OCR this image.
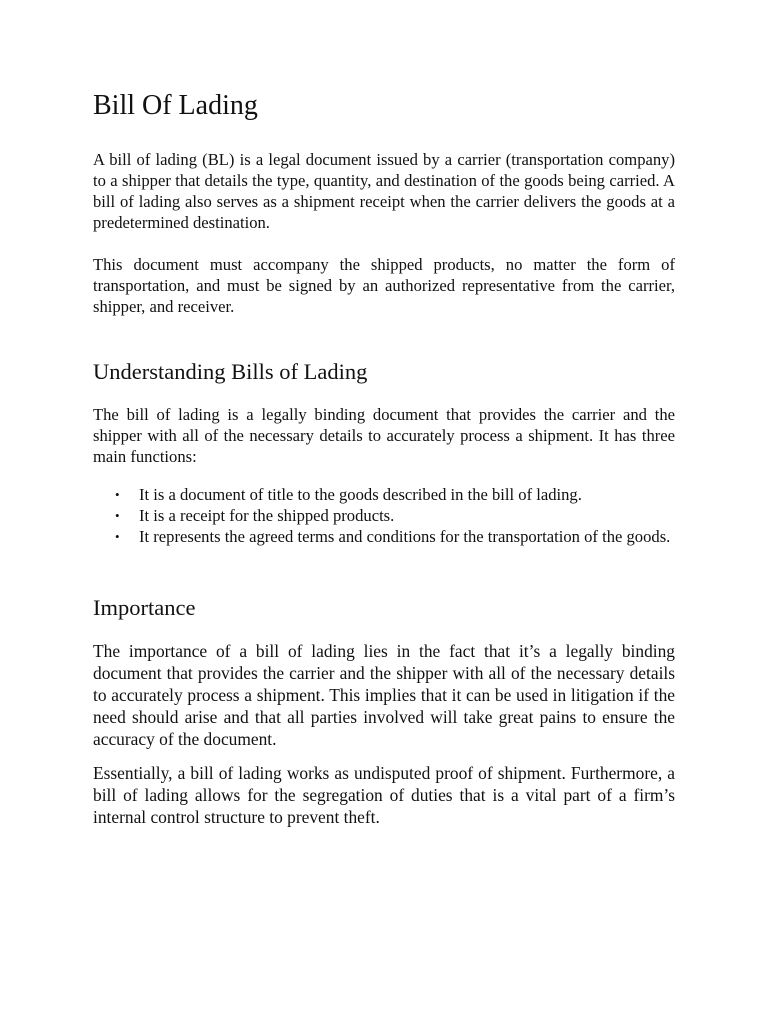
Bill Of Lading

A bill of lading (BL) is a legal document issued by a carrier (transportation company) to a shipper that details the type, quantity, and destination of the goods being carried. A bill of lading also serves as a shipment receipt when the carrier delivers the goods at a predetermined destination.

This document must accompany the shipped products, no matter the form of transportation, and must be signed by an authorized representative from the carrier, shipper, and receiver.

Understanding Bills of Lading

The bill of lading is a legally binding document that provides the carrier and the shipper with all of the necessary details to accurately process a shipment. It has three main functions:

• It is a document of title to the goods described in the bill of lading.
• It is a receipt for the shipped products.
• It represents the agreed terms and conditions for the transportation of the goods.
Importance

The importance of a bill of lading lies in the fact that it’s a legally binding document that provides the carrier and the shipper with all of the necessary details to accurately process a shipment. This implies that it can be used in litigation if the need should arise and that all parties involved will take great pains to ensure the accuracy of the document.

Essentially, a bill of lading works as undisputed proof of shipment. Furthermore, a bill of lading allows for the segregation of duties that is a vital part of a firm’s internal control structure to prevent theft.
